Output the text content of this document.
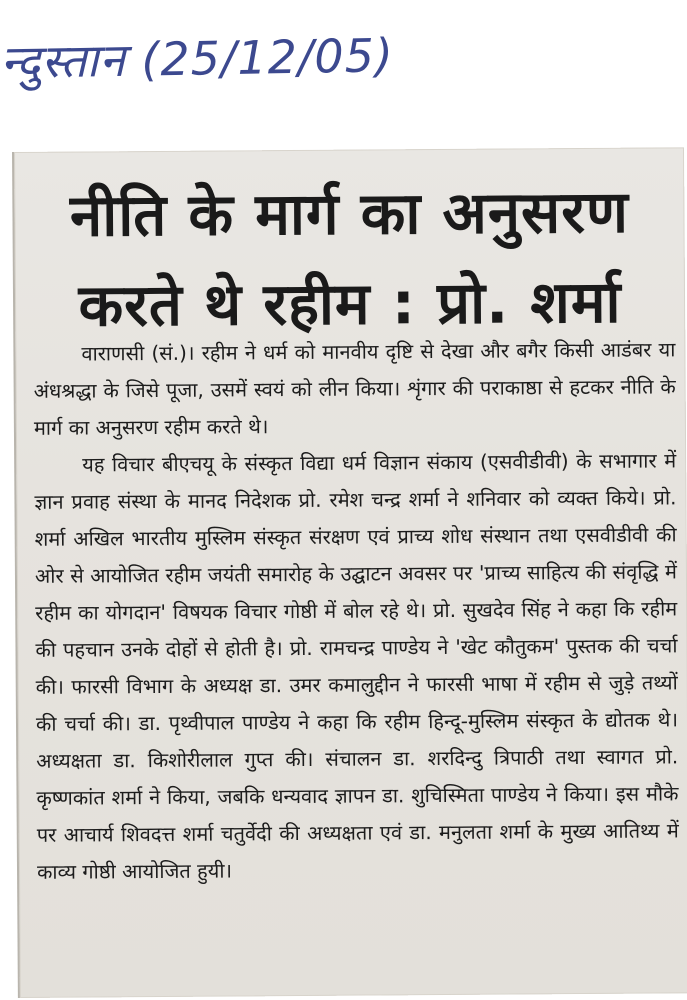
न्दुस्तान (25/12/05)
नीति के मार्ग का अनुसरण
करते थे रहीम : प्रो. शर्मा

वाराणसी (सं.)। रहीम ने धर्म को मानवीय दृष्टि से देखा और बगैर किसी आडंबर या अंधश्रद्धा के जिसे पूजा, उसमें स्वयं को लीन किया। शृंगार की पराकाष्ठा से हटकर नीति के मार्ग का अनुसरण रहीम करते थे।

यह विचार बीएचयू के संस्कृत विद्या धर्म विज्ञान संकाय (एसवीडीवी) के सभागार में ज्ञान प्रवाह संस्था के मानद निदेशक प्रो. रमेश चन्द्र शर्मा ने शनिवार को व्यक्त किये। प्रो. शर्मा अखिल भारतीय मुस्लिम संस्कृत संरक्षण एवं प्राच्य शोध संस्थान तथा एसवीडीवी की ओर से आयोजित रहीम जयंती समारोह के उद्घाटन अवसर पर 'प्राच्य साहित्य की संवृद्धि में रहीम का योगदान' विषयक विचार गोष्ठी में बोल रहे थे। प्रो. सुखदेव सिंह ने कहा कि रहीम की पहचान उनके दोहों से होती है। प्रो. रामचन्द्र पाण्डेय ने 'खेट कौतुकम' पुस्तक की चर्चा की। फारसी विभाग के अध्यक्ष डा. उमर कमालुद्दीन ने फारसी भाषा में रहीम से जुड़े तथ्यों की चर्चा की। डा. पृथ्वीपाल पाण्डेय ने कहा कि रहीम हिन्दू-मुस्लिम संस्कृत के द्योतक थे। अध्यक्षता डा. किशोरीलाल गुप्त की। संचालन डा. शरदिन्दु त्रिपाठी तथा स्वागत प्रो. कृष्णकांत शर्मा ने किया, जबकि धन्यवाद ज्ञापन डा. शुचिस्मिता पाण्डेय ने किया। इस मौके पर आचार्य शिवदत्त शर्मा चतुर्वेदी की अध्यक्षता एवं डा. मनुलता शर्मा के मुख्य आतिथ्य में काव्य गोष्ठी आयोजित हुयी।
